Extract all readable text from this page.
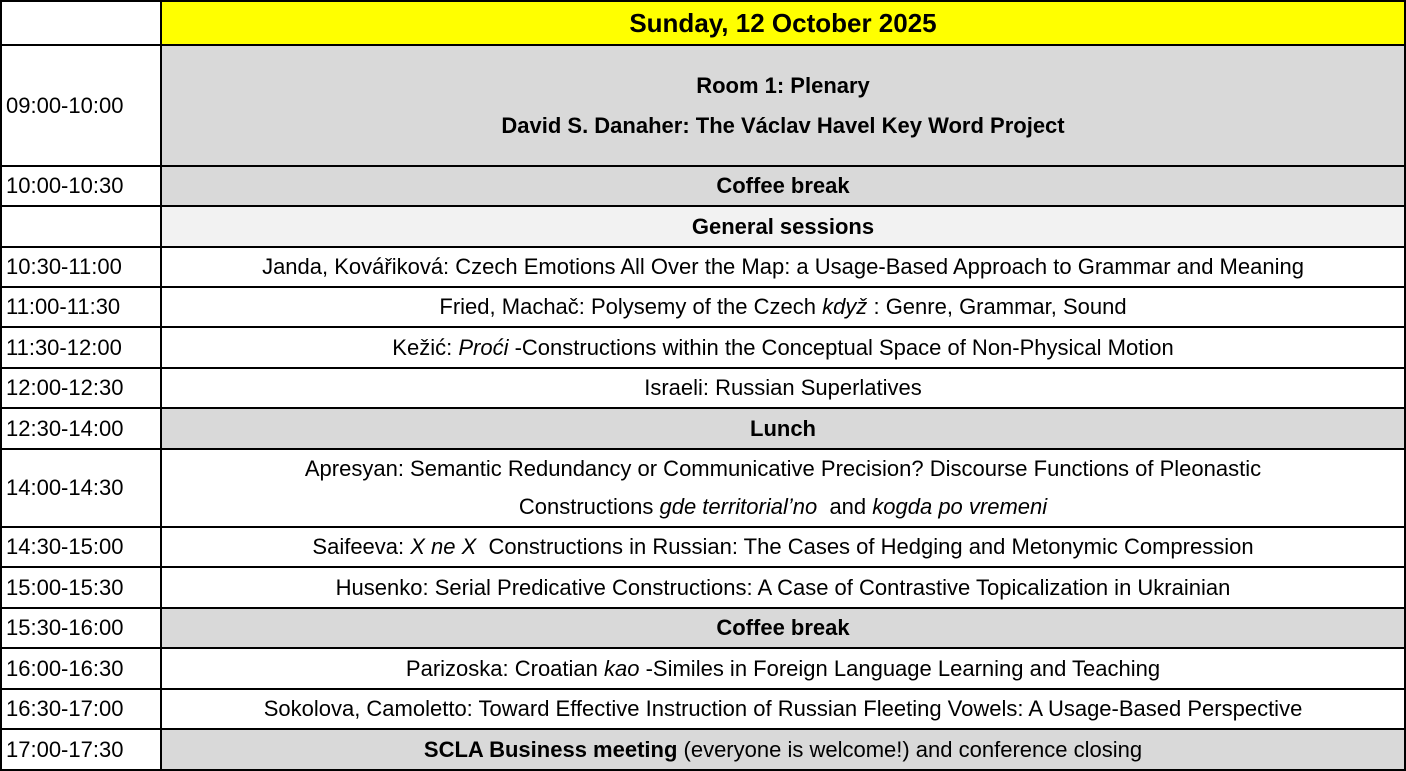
	Sunday, 12 October 2025
09:00-10:00	Room 1: Plenary
David S. Danaher: The Václav Havel Key Word Project

10:00-10:30	Coffee break
	General sessions
10:30-11:00	Janda, Kovářiková: Czech Emotions All Over the Map: a Usage-Based Approach to Grammar and Meaning
11:00-11:30	Fried, Machač: Polysemy of the Czech když : Genre, Grammar, Sound
11:30-12:00	Kežić: Proći -Constructions within the Conceptual Space of Non-Physical Motion
12:00-12:30	Israeli: Russian Superlatives
12:30-14:00	Lunch
14:00-14:30	Apresyan: Semantic Redundancy or Communicative Precision? Discourse Functions of Pleonastic
Constructions gde territorial’no  and kogda po vremeni

14:30-15:00	Saifeeva: X ne X  Constructions in Russian: The Cases of Hedging and Metonymic Compression
15:00-15:30	Husenko: Serial Predicative Constructions: A Case of Contrastive Topicalization in Ukrainian
15:30-16:00	Coffee break
16:00-16:30	Parizoska: Croatian kao -Similes in Foreign Language Learning and Teaching
16:30-17:00	Sokolova, Camoletto: Toward Effective Instruction of Russian Fleeting Vowels: A Usage-Based Perspective
17:00-17:30	SCLA Business meeting (everyone is welcome!) and conference closing
